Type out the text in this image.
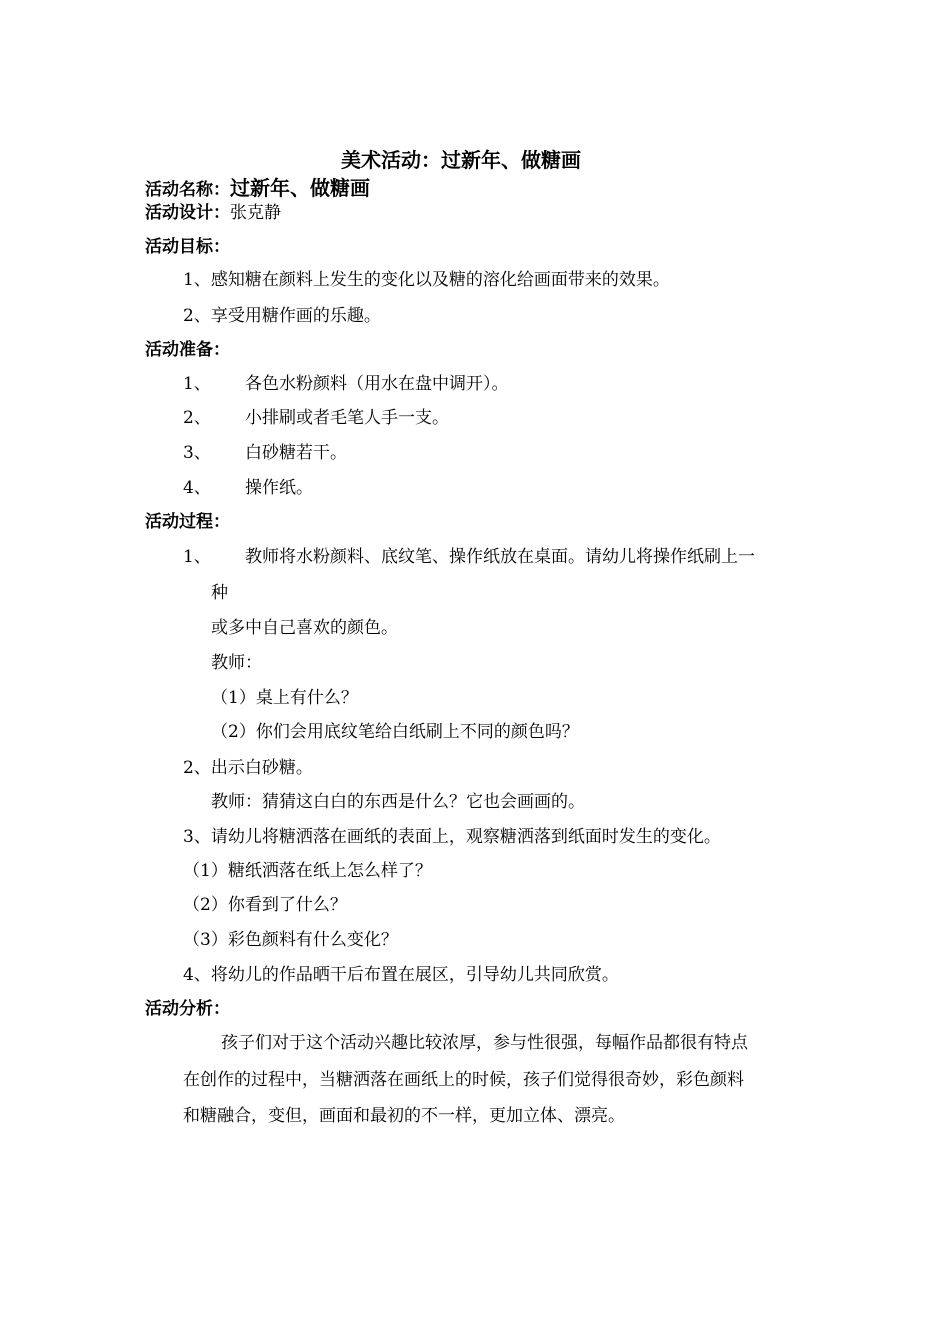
美术活动：过新年、做糖画
活动名称：过新年、做糖画
活动设计：张克静
活动目标：
1、感知糖在颜料上发生的变化以及糖的溶化给画面带来的效果。
2、享受用糖作画的乐趣。
活动准备：
1、 各色水粉颜料（用水在盘中调开）。
2、 小排刷或者毛笔人手一支。
3、 白砂糖若干。
4、 操作纸。
活动过程：
1、 教师将水粉颜料、底纹笔、操作纸放在桌面。请幼儿将操作纸刷上一
种
或多中自己喜欢的颜色。
教师：
（1）桌上有什么？
（2）你们会用底纹笔给白纸刷上不同的颜色吗？
2、出示白砂糖。
教师：猜猜这白白的东西是什么？它也会画画的。
3、请幼儿将糖洒落在画纸的表面上，观察糖洒落到纸面时发生的变化。
（1）糖纸洒落在纸上怎么样了？
（2）你看到了什么？
（3）彩色颜料有什么变化？
4、将幼儿的作品晒干后布置在展区，引导幼儿共同欣赏。
活动分析：
孩子们对于这个活动兴趣比较浓厚，参与性很强，每幅作品都很有特点
在创作的过程中，当糖洒落在画纸上的时候，孩子们觉得很奇妙，彩色颜料
和糖融合，变但，画面和最初的不一样，更加立体、漂亮。
